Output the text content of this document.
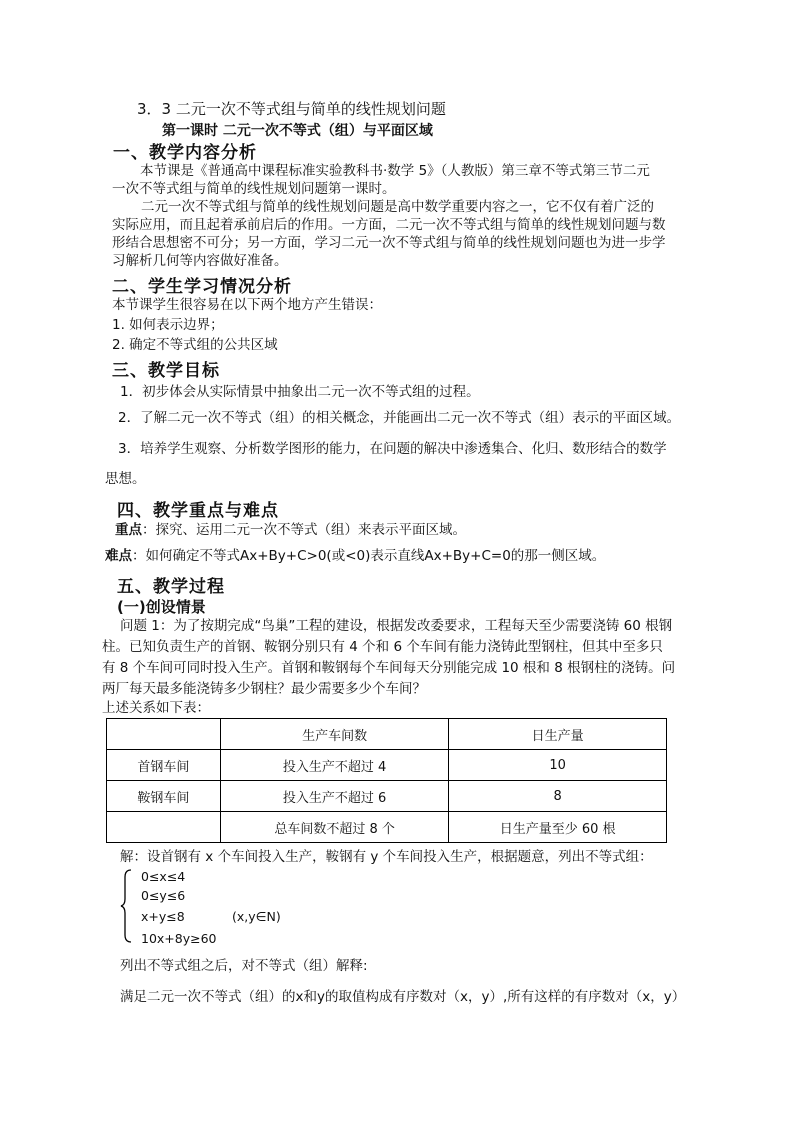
3．3 二元一次不等式组与简单的线性规划问题
第一课时 二元一次不等式（组）与平面区域
一、教学内容分析
本节课是《普通高中课程标准实验教科书·数学 5》（人教版）第三章不等式第三节二元
一次不等式组与简单的线性规划问题第一课时。
二元一次不等式组与简单的线性规划问题是高中数学重要内容之一，它不仅有着广泛的
实际应用，而且起着承前启后的作用。一方面，二元一次不等式组与简单的线性规划问题与数
形结合思想密不可分；另一方面，学习二元一次不等式组与简单的线性规划问题也为进一步学
习解析几何等内容做好准备。
二、学生学习情况分析
本节课学生很容易在以下两个地方产生错误：
1. 如何表示边界；
2. 确定不等式组的公共区域
三、教学目标
1．初步体会从实际情景中抽象出二元一次不等式组的过程。
2．了解二元一次不等式（组）的相关概念，并能画出二元一次不等式（组）表示的平面区域。
3．培养学生观察、分析数学图形的能力，在问题的解决中渗透集合、化归、数形结合的数学
思想。
四、教学重点与难点
重点：探究、运用二元一次不等式（组）来表示平面区域。
难点：如何确定不等式Ax+By+C>0(或<0)表示直线Ax+By+C=0的那一侧区域。
五、教学过程
(一)创设情景
问题 1：为了按期完成“鸟巢”工程的建设，根据发改委要求，工程每天至少需要浇铸 60 根钢
柱。已知负责生产的首钢、鞍钢分别只有 4 个和 6 个车间有能力浇铸此型钢柱，但其中至多只
有 8 个车间可同时投入生产。首钢和鞍钢每个车间每天分别能完成 10 根和 8 根钢柱的浇铸。问
两厂每天最多能浇铸多少钢柱？最少需要多少个车间？
上述关系如下表：
	生产车间数	日生产量
首钢车间	投入生产不超过 4	10
鞍钢车间	投入生产不超过 6	8
	总车间数不超过 8 个	日生产量至少 60 根
解：设首钢有 x 个车间投入生产，鞍钢有 y 个车间投入生产，根据题意，列出不等式组：
0≤x≤4
0≤y≤6
x+y≤8	(x,y∈N)
10x+8y≥60
列出不等式组之后，对不等式（组）解释:
满足二元一次不等式（组）的x和y的取值构成有序数对（x，y）,所有这样的有序数对（x，y）
